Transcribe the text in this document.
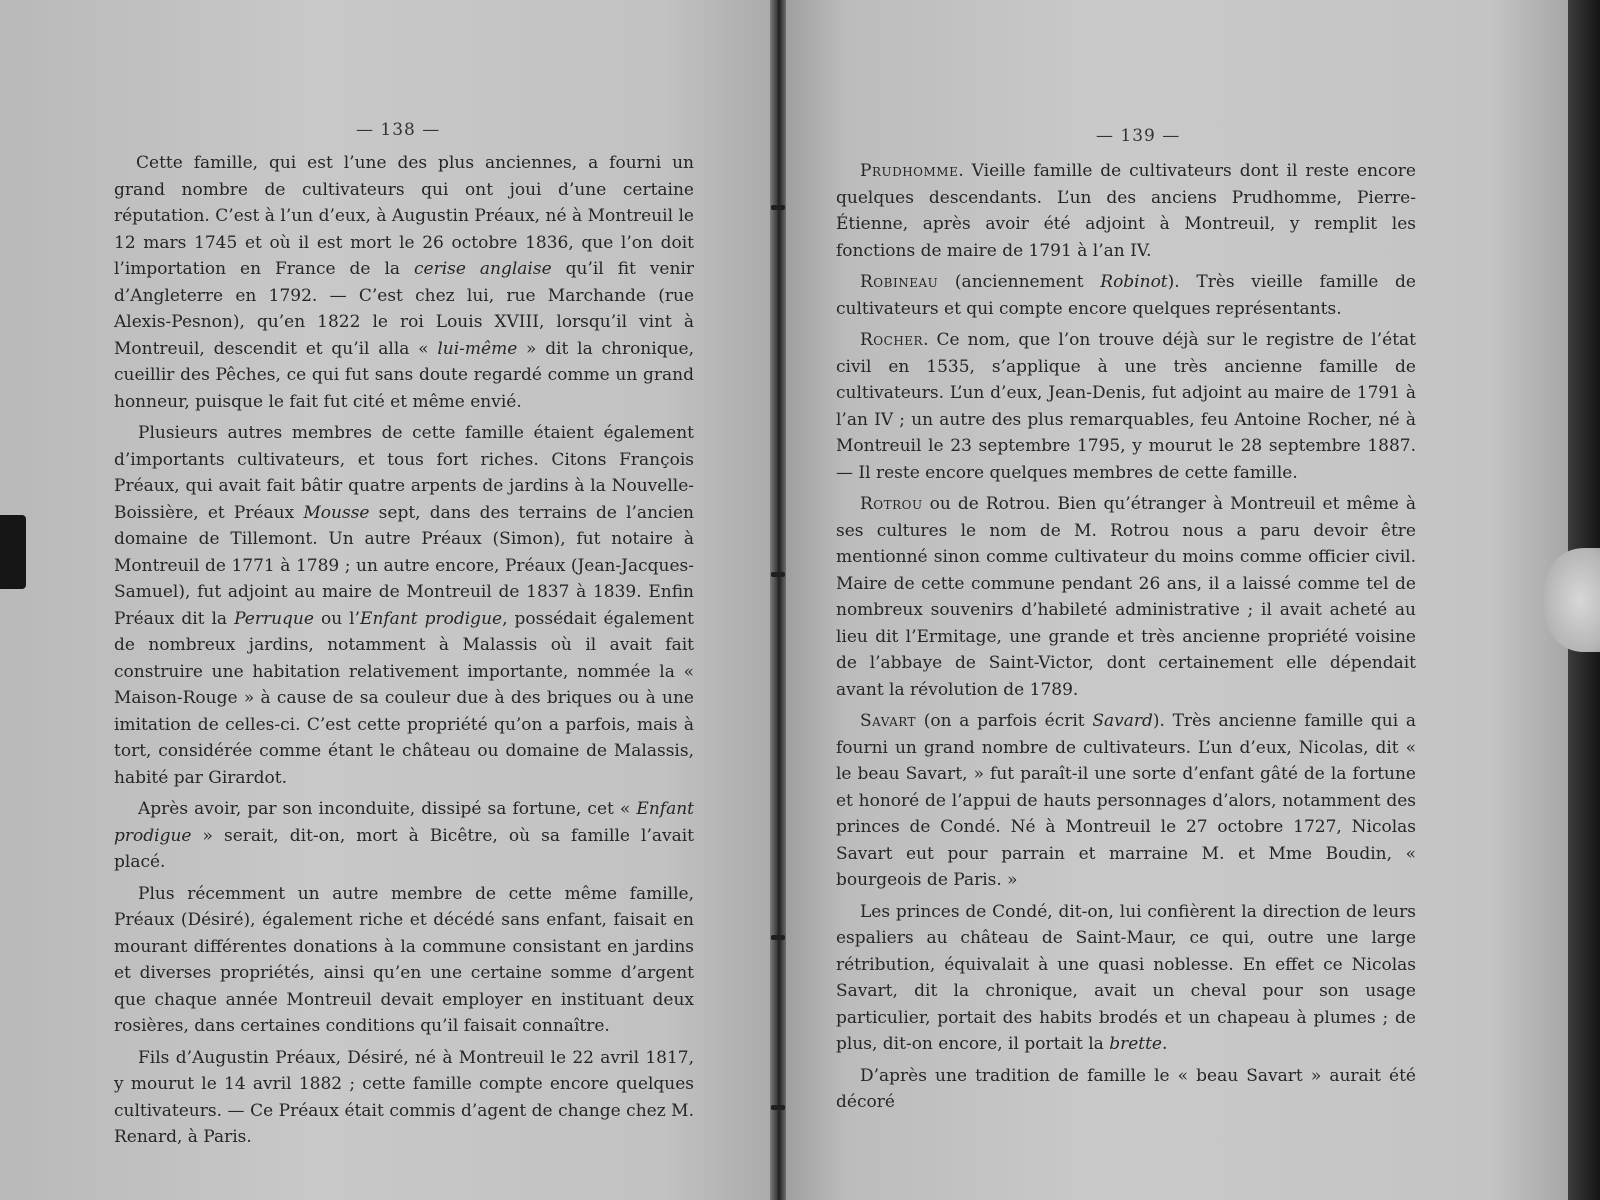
— 138 —

Cette famille, qui est l’une des plus anciennes, a fourni un grand nombre de cultivateurs qui ont joui d’une certaine réputation. C’est à l’un d’eux, à Augustin Préaux, né à Montreuil le 12 mars 1745 et où il est mort le 26 octobre 1836, que l’on doit l’importation en France de la cerise anglaise qu’il fit venir d’Angleterre en 1792. — C’est chez lui, rue Marchande (rue Alexis-Pesnon), qu’en 1822 le roi Louis XVIII, lorsqu’il vint à Montreuil, descendit et qu’il alla « lui-même » dit la chronique, cueillir des Pêches, ce qui fut sans doute regardé comme un grand honneur, puisque le fait fut cité et même envié.

Plusieurs autres membres de cette famille étaient également d’importants cultivateurs, et tous fort riches. Citons François Préaux, qui avait fait bâtir quatre arpents de jardins à la Nouvelle-Boissière, et Préaux Mousse sept, dans des terrains de l’ancien domaine de Tillemont. Un autre Préaux (Simon), fut notaire à Montreuil de 1771 à 1789 ; un autre encore, Préaux (Jean-Jacques-Samuel), fut adjoint au maire de Montreuil de 1837 à 1839. Enfin Préaux dit la Perruque ou l’Enfant prodigue, possédait également de nombreux jardins, notamment à Malassis où il avait fait construire une habitation relativement importante, nommée la « Maison-Rouge » à cause de sa couleur due à des briques ou à une imitation de celles-ci. C’est cette propriété qu’on a parfois, mais à tort, considérée comme étant le château ou domaine de Malassis, habité par Girardot.

Après avoir, par son inconduite, dissipé sa fortune, cet « Enfant prodigue » serait, dit-on, mort à Bicêtre, où sa famille l’avait placé.

Plus récemment un autre membre de cette même famille, Préaux (Désiré), également riche et décédé sans enfant, faisait en mourant différentes donations à la commune consistant en jardins et diverses propriétés, ainsi qu’en une certaine somme d’argent que chaque année Montreuil devait employer en instituant deux rosières, dans certaines conditions qu’il faisait connaître.

Fils d’Augustin Préaux, Désiré, né à Montreuil le 22 avril 1817, y mourut le 14 avril 1882 ; cette famille compte encore quelques cultivateurs. — Ce Préaux était commis d’agent de change chez M. Renard, à Paris.

— 139 —

Prudhomme. Vieille famille de cultivateurs dont il reste encore quelques descendants. L’un des anciens Prudhomme, Pierre-Étienne, après avoir été adjoint à Montreuil, y remplit les fonctions de maire de 1791 à l’an IV.

Robineau (anciennement Robinot). Très vieille famille de cultivateurs et qui compte encore quelques représentants.

Rocher. Ce nom, que l’on trouve déjà sur le registre de l’état civil en 1535, s’applique à une très ancienne famille de cultivateurs. L’un d’eux, Jean-Denis, fut adjoint au maire de 1791 à l’an IV ; un autre des plus remarquables, feu Antoine Rocher, né à Montreuil le 23 septembre 1795, y mourut le 28 septembre 1887. — Il reste encore quelques membres de cette famille.

Rotrou ou de Rotrou. Bien qu’étranger à Montreuil et même à ses cultures le nom de M. Rotrou nous a paru devoir être mentionné sinon comme cultivateur du moins comme officier civil. Maire de cette commune pendant 26 ans, il a laissé comme tel de nombreux souvenirs d’habileté administrative ; il avait acheté au lieu dit l’Ermitage, une grande et très ancienne propriété voisine de l’abbaye de Saint-Victor, dont certainement elle dépendait avant la révolution de 1789.

Savart (on a parfois écrit Savard). Très ancienne famille qui a fourni un grand nombre de cultivateurs. L’un d’eux, Nicolas, dit « le beau Savart, » fut paraît-il une sorte d’enfant gâté de la fortune et honoré de l’appui de hauts personnages d’alors, notamment des princes de Condé. Né à Montreuil le 27 octobre 1727, Nicolas Savart eut pour parrain et marraine M. et Mme Boudin, « bourgeois de Paris. »

Les princes de Condé, dit-on, lui confièrent la direction de leurs espaliers au château de Saint-Maur, ce qui, outre une large rétribution, équivalait à une quasi noblesse. En effet ce Nicolas Savart, dit la chronique, avait un cheval pour son usage particulier, portait des habits brodés et un chapeau à plumes ; de plus, dit-on encore, il portait la brette.

D’après une tradition de famille le « beau Savart » aurait été décoré
